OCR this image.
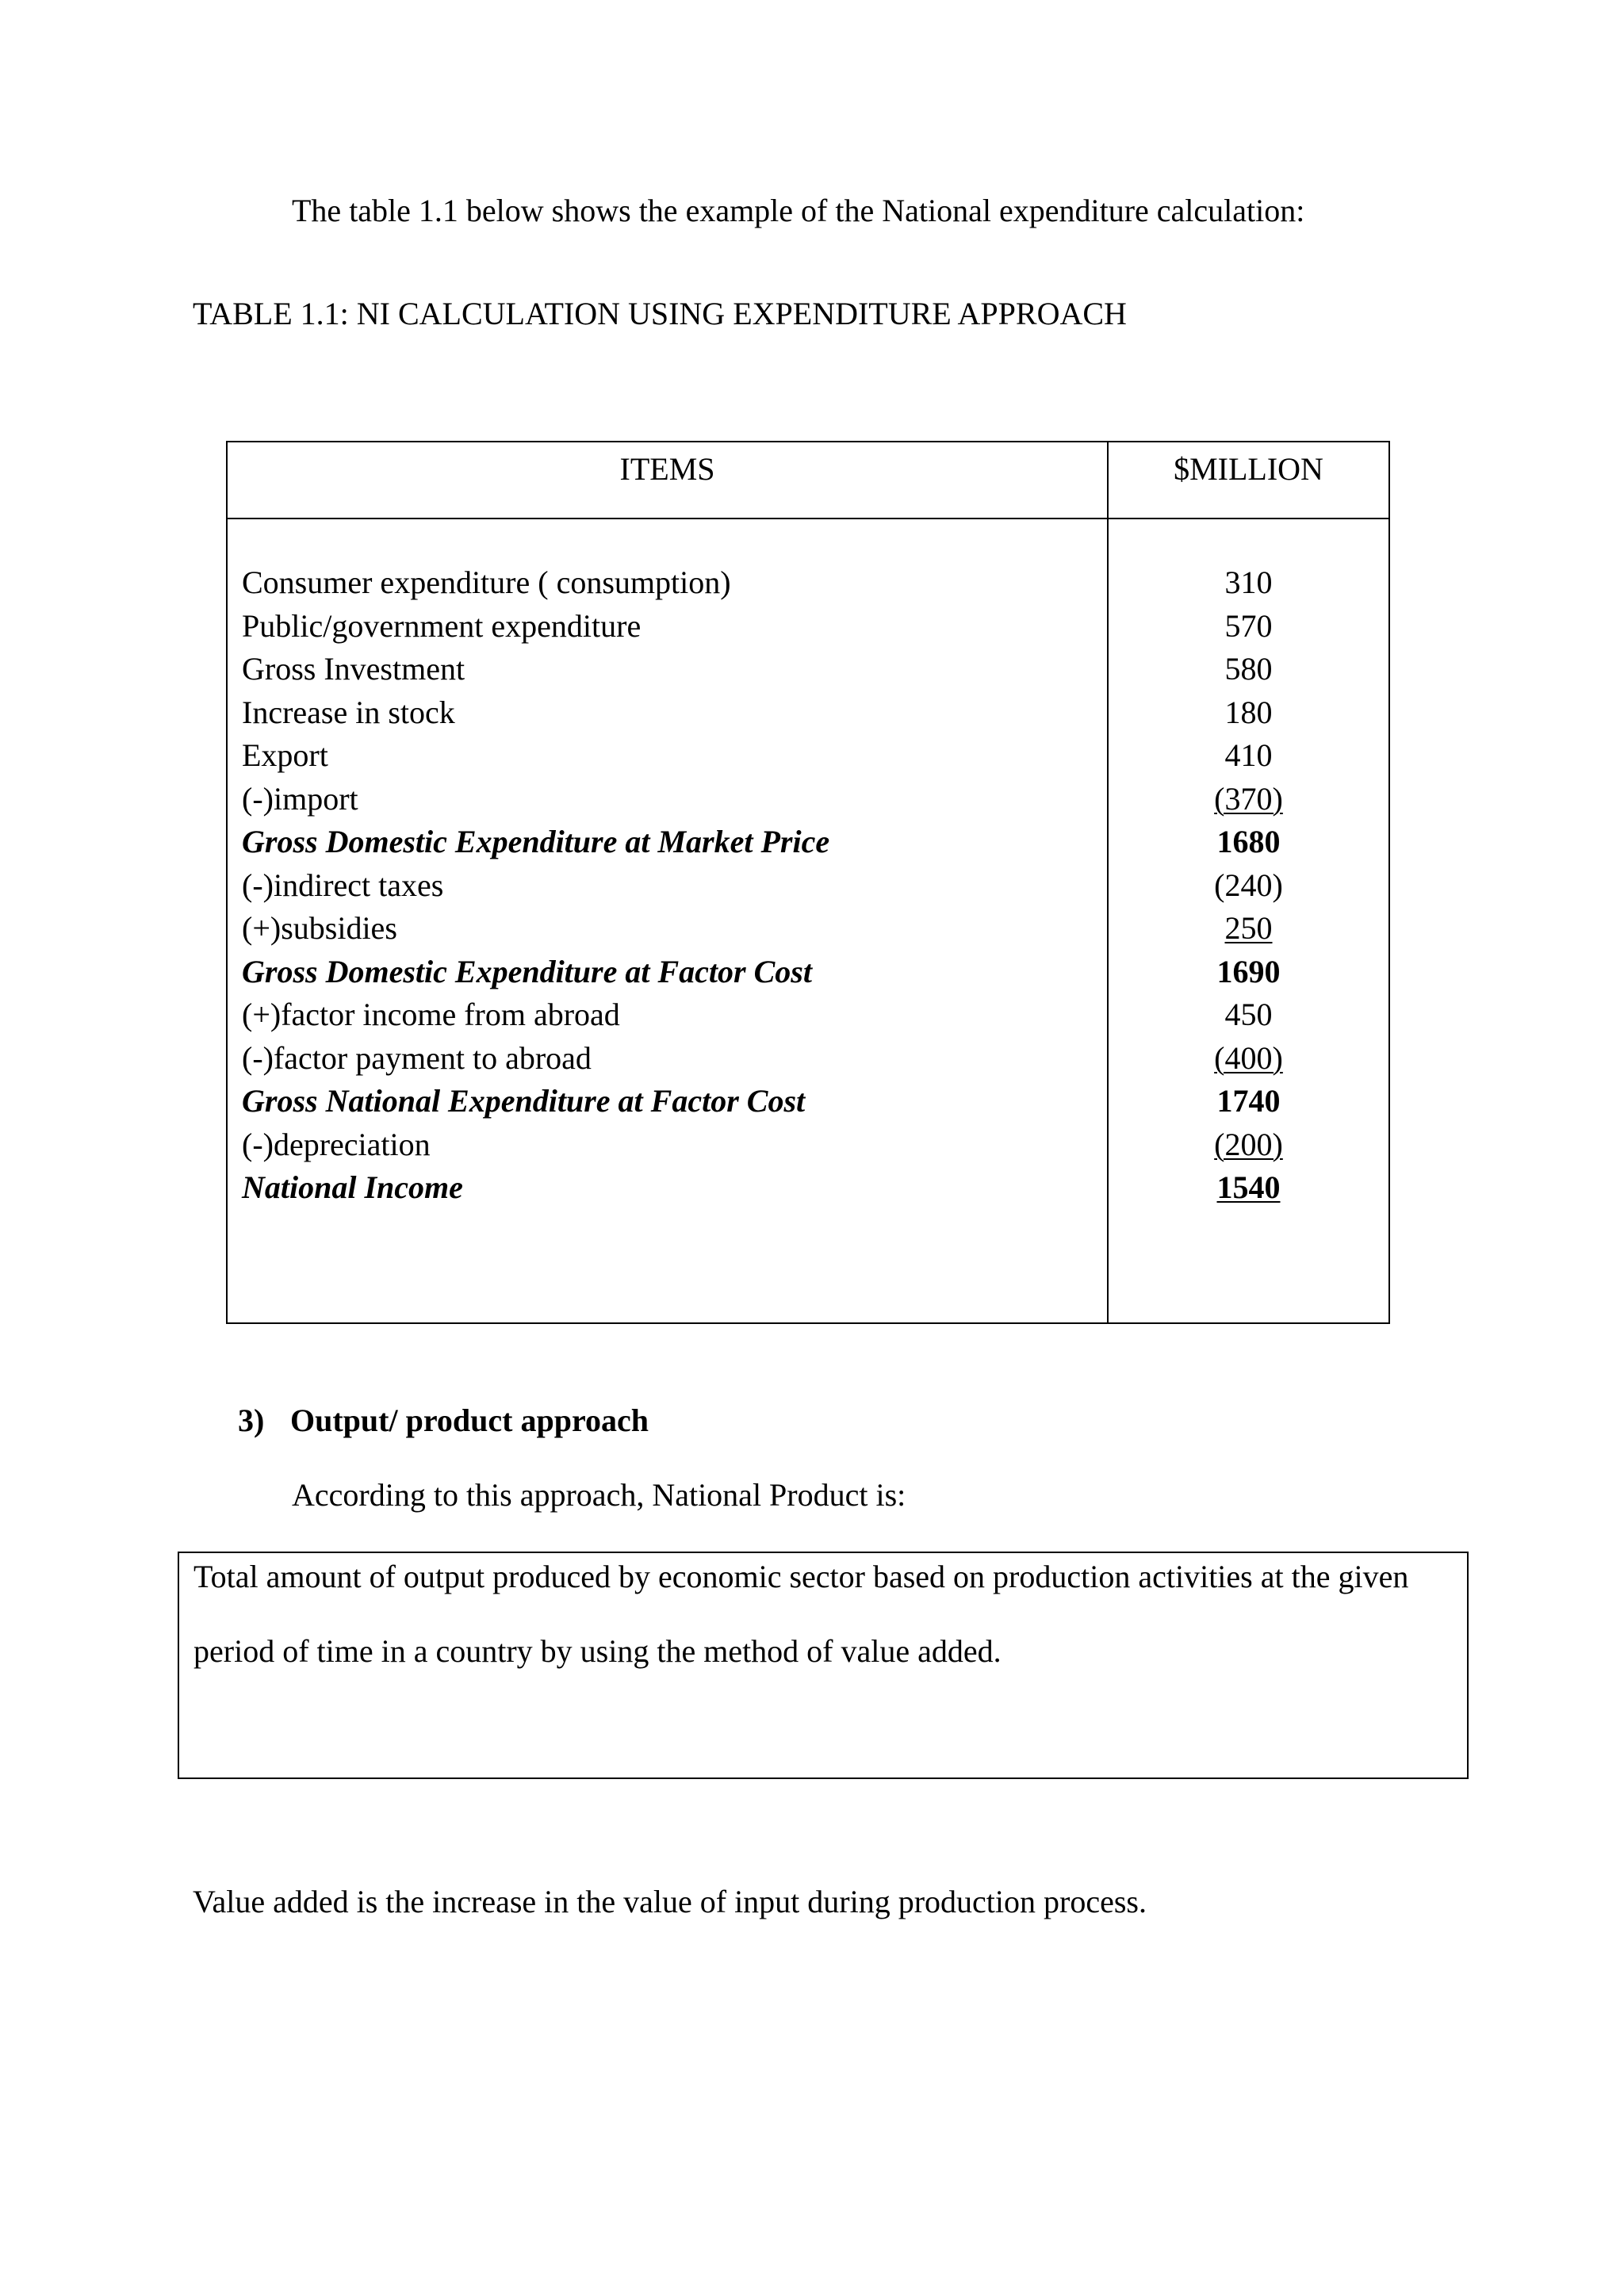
The table 1.1 below shows the example of the National expenditure calculation:
TABLE 1.1: NI CALCULATION USING EXPENDITURE APPROACH
ITEMS	$MILLION
Consumer expenditure ( consumption)	310
Public/government expenditure	570
Gross Investment	580
Increase in stock	180
Export	410
(-)import	(370)
Gross Domestic Expenditure at Market Price	1680
(-)indirect taxes	(240)
(+)subsidies	250
Gross Domestic Expenditure at Factor Cost	1690
(+)factor income from abroad	450
(-)factor payment to abroad	(400)
Gross National Expenditure at Factor Cost	1740
(-)depreciation	(200)
National Income	1540
3) Output/ product approach
According to this approach, National Product is:

Total amount of output produced by economic sector based on production activities at the given

period of time in a country by using the method of value added.

Value added is the increase in the value of input during production process.
